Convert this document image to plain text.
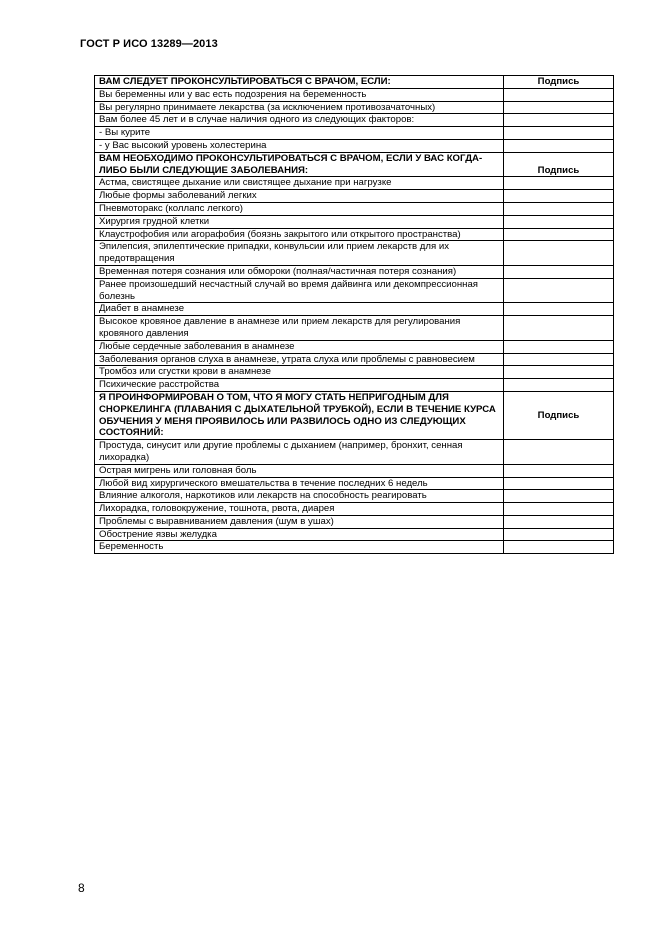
ГОСТ Р ИСО 13289—2013
ВАМ СЛЕДУЕТ ПРОКОНСУЛЬТИРОВАТЬСЯ С ВРАЧОМ, ЕСЛИ:	Подпись
Вы беременны или у вас есть подозрения на беременность	
Вы регулярно принимаете лекарства (за исключением противозачаточных)	
Вам более 45 лет и в случае наличия одного из следующих факторов:	
- Вы курите	
- у Вас высокий уровень холестерина	
ВАМ НЕОБХОДИМО ПРОКОНСУЛЬТИРОВАТЬСЯ С ВРАЧОМ, ЕСЛИ У ВАС КОГДА-ЛИБО БЫЛИ СЛЕДУЮЩИЕ ЗАБОЛЕВАНИЯ:	Подпись
Астма, свистящее дыхание или свистящее дыхание при нагрузке	
Любые формы заболеваний легких	
Пневмоторакс (коллапс легкого)	
Хирургия грудной клетки	
Клаустрофобия или агорафобия (боязнь закрытого или открытого пространства)	
Эпилепсия, эпилептические припадки, конвульсии или прием лекарств для их предотвращения	
Временная потеря сознания или обмороки (полная/частичная потеря сознания)	
Ранее произошедший несчастный случай во время дайвинга или декомпрессионная болезнь	
Диабет в анамнезе	
Высокое кровяное давление в анамнезе или прием лекарств для регулирования кровяного давления	
Любые сердечные заболевания в анамнезе	
Заболевания органов слуха в анамнезе, утрата слуха или проблемы с равновесием	
Тромбоз или сгустки крови в анамнезе	
Психические расстройства	
Я ПРОИНФОРМИРОВАН О ТОМ, ЧТО Я МОГУ СТАТЬ НЕПРИГОДНЫМ ДЛЯ СНОРКЕЛИНГА (ПЛАВАНИЯ С ДЫХАТЕЛЬНОЙ ТРУБКОЙ), ЕСЛИ В ТЕЧЕНИЕ КУРСА ОБУЧЕНИЯ У МЕНЯ ПРОЯВИЛОСЬ ИЛИ РАЗВИЛОСЬ ОДНО ИЗ СЛЕДУЮЩИХ СОСТОЯНИЙ:	Подпись
Простуда, синусит или другие проблемы с дыханием (например, бронхит, сенная лихорадка)	
Острая мигрень или головная боль	
Любой вид хирургического вмешательства в течение последних 6 недель	
Влияние алкоголя, наркотиков или лекарств на способность реагировать	
Лихорадка, головокружение, тошнота, рвота, диарея	
Проблемы с выравниванием давления (шум в ушах)	
Обострение язвы желудка	
Беременность	
8
